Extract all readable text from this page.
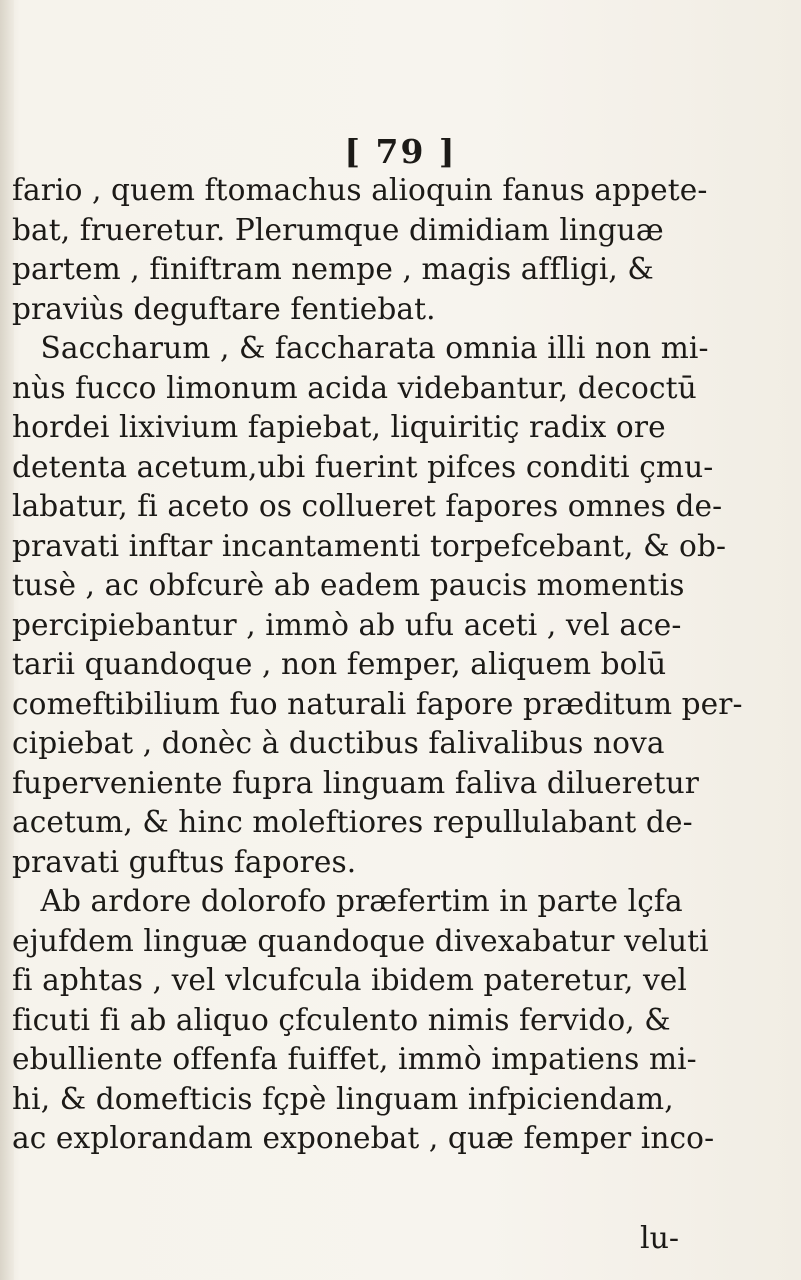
[ 79 ]
fario , quem ftomachus alioquin fanus appete-
bat, frueretur. Plerumque dimidiam linguæ
partem , finiftram nempe , magis affligi, &
praviùs deguftare fentiebat.
Saccharum , & faccharata omnia illi non mi-
nùs fucco limonum acida videbantur, decoctū
hordei lixivium fapiebat, liquiritiç radix ore
detenta acetum,ubi fuerint pifces conditi çmu-
labatur, fi aceto os collueret fapores omnes de-
pravati inftar incantamenti torpefcebant, & ob-
tusè , ac obfcurè ab eadem paucis momentis
percipiebantur , immò ab ufu aceti , vel ace-
tarii quandoque , non femper, aliquem bolū
comeftibilium fuo naturali fapore præditum per-
cipiebat , donèc à ductibus falivalibus nova
fuperveniente fupra linguam faliva dilueretur
acetum, & hinc moleftiores repullulabant de-
pravati guftus fapores.
Ab ardore dolorofo præfertim in parte lçfa
ejufdem linguæ quandoque divexabatur veluti
fi aphtas , vel vlcufcula ibidem pateretur, vel
ficuti fi ab aliquo çfculento nimis fervido, &
ebulliente offenfa fuiffet, immò impatiens mi-
hi, & domefticis fçpè linguam infpiciendam,
ac explorandam exponebat , quæ femper inco-
lu-
